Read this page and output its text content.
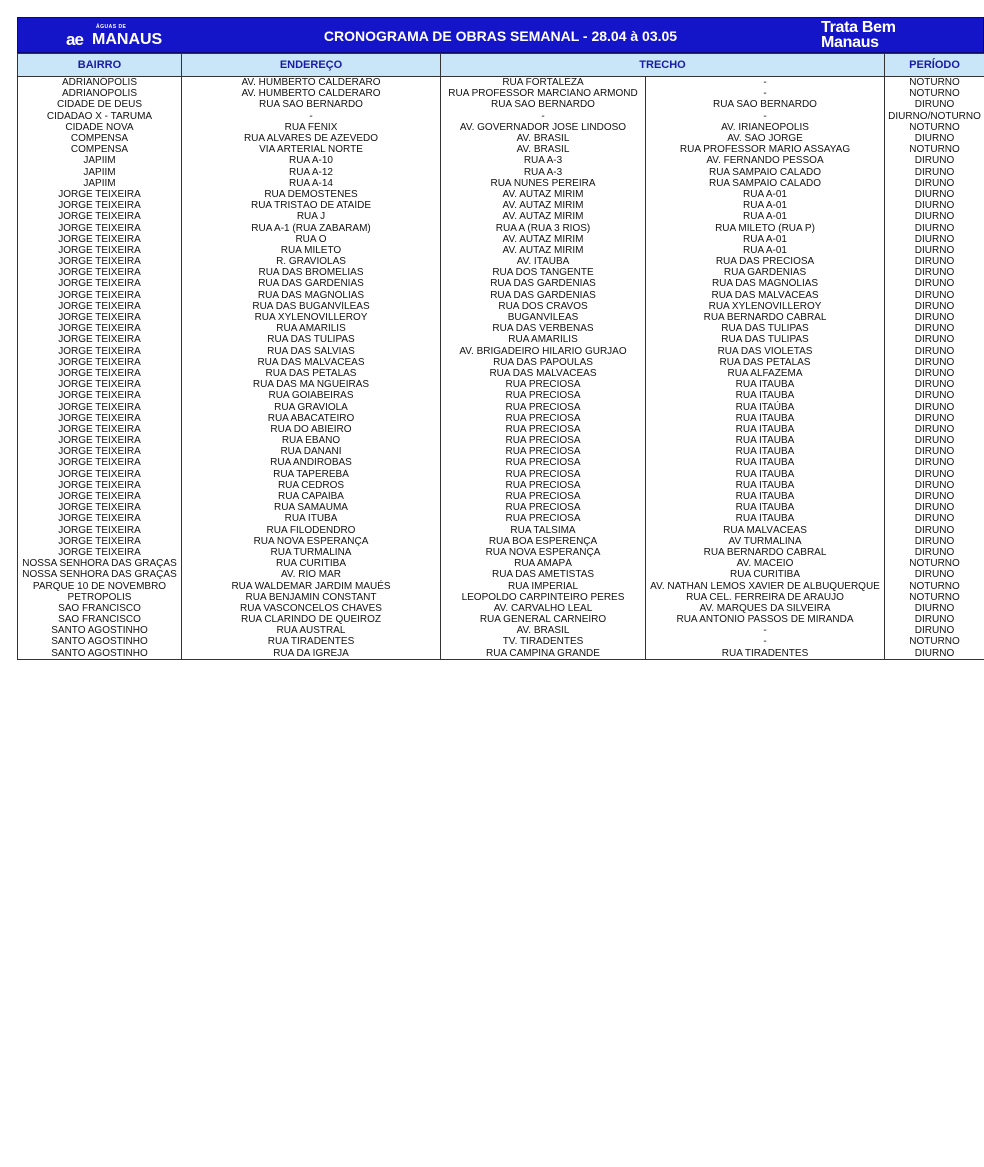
ÁGUAS DE
ae MANAUS	CRONOGRAMA DE OBRAS SEMANAL - 28.04 à 03.05	Trata Bem
Manaus
BAIRRO	ENDEREÇO	TRECHO		PERÍODO
ADRIANÓPOLIS	AV. HUMBERTO CALDERARO	RUA FORTALEZA	-	NOTURNO
ADRIANÓPOLIS	AV. HUMBERTO CALDERARO	RUA PROFESSOR MARCIANO ARMOND	-	NOTURNO
CIDADE DE DEUS	RUA SÃO BERNARDO	RUA SÃO BERNARDO	RUA SÃO BERNARDO	DIRUNO
CIDADÃO X - TARUMÃ	-	-	-	DIURNO/NOTURNO
CIDADE NOVA	RUA FÊNIX	AV. GOVERNADOR JOSÉ LINDOSO	AV. IRIANEÓPOLIS	NOTURNO
COMPENSA	RUA ALVARES DE AZEVEDO	AV. BRASIL	AV. SÃO JORGE	DIURNO
COMPENSA	VIA ARTERIAL NORTE	AV. BRASIL	RUA PROFESSOR MÁRIO ASSAYAG	NOTURNO
JAPIIM	RUA A-10	RUA A-3	AV. FERNANDO PESSOA	DIRUNO
JAPIIM	RUA A-12	RUA A-3	RUA SAMPAIO CALADO	DIRUNO
JAPIIM	RUA A-14	RUA NUNES PEREIRA	RUA SAMPAIO CALADO	DIRUNO
JORGE TEIXEIRA	RUA DEMÓSTENES	AV. AUTAZ MIRIM	RUA A-01	DIURNO
JORGE TEIXEIRA	RUA TRISTÃO DE ATAÍDE	AV. AUTAZ MIRIM	RUA A-01	DIURNO
JORGE TEIXEIRA	RUA J	AV. AUTAZ MIRIM	RUA A-01	DIURNO
JORGE TEIXEIRA	RUA A-1 (RUA ZABARAM)	RUA A (RUA 3 RIOS)	RUA MILETO (RUA P)	DIURNO
JORGE TEIXEIRA	RUA O	AV. AUTAZ MIRIM	RUA A-01	DIURNO
JORGE TEIXEIRA	RUA MILETO	AV. AUTAZ MIRIM	RUA A-01	DIURNO
JORGE TEIXEIRA	R. GRAVIOLAS	AV. ITAÚBA	RUA DAS PRECIOSA	DIRUNO
JORGE TEIXEIRA	RUA DAS BROMÉLIAS	RUA DOS TANGENTE	RUA GARDENIAS	DIRUNO
JORGE TEIXEIRA	RUA DAS GARDÊNIAS	RUA DAS GARDÊNIAS	RUA DAS MAGNÓLIAS	DIRUNO
JORGE TEIXEIRA	RUA DAS MAGNÓLIAS	RUA DAS GARDÊNIAS	RUA DAS MALVÁCEAS	DIRUNO
JORGE TEIXEIRA	RUA DAS BUGANVÍLEAS	RUA DOS CRAVOS	RUA XYLENOVILLEROY	DIRUNO
JORGE TEIXEIRA	RUA XYLENOVILLEROY	BUGANVÍLEAS	RUA BERNARDO CABRAL	DIRUNO
JORGE TEIXEIRA	RUA AMARÍLIS	RUA DAS VERBENAS	RUA DAS TULIPAS	DIRUNO
JORGE TEIXEIRA	RUA DAS TULIPAS	RUA AMARÍLIS	RUA DAS TULIPAS	DIRUNO
JORGE TEIXEIRA	RUA DAS SÁLVIAS	AV. BRIGADEIRO HILÁRIO GURJÃO	RUA DAS VIOLETAS	DIRUNO
JORGE TEIXEIRA	RUA DAS MALVÁCEAS	RUA DAS PAPOULAS	RUA DAS PÉTALAS	DIRUNO
JORGE TEIXEIRA	RUA DAS PÉTALAS	RUA DAS MALVÁCEAS	RUA ALFAZEMA	DIRUNO
JORGE TEIXEIRA	RUA DAS MA NGUEIRAS	RUA PRECIOSA	RUA ITAÚBA	DIRUNO
JORGE TEIXEIRA	RUA GOIABEIRAS	RUA PRECIOSA	RUA ITAÚBA	DIRUNO
JORGE TEIXEIRA	RUA GRAVIOLA	RUA PRECIOSA	RUA ITAÚBA	DIRUNO
JORGE TEIXEIRA	RUA ABACATEIRO	RUA PRECIOSA	RUA ITAÚBA	DIRUNO
JORGE TEIXEIRA	RUA DO ABIEIRO	RUA PRECIOSA	RUA ITAÚBA	DIRUNO
JORGE TEIXEIRA	RUA ÉBANO	RUA PRECIOSA	RUA ITAÚBA	DIRUNO
JORGE TEIXEIRA	RUA DANANI	RUA PRECIOSA	RUA ITAÚBA	DIRUNO
JORGE TEIXEIRA	RUA ANDIROBAS	RUA PRECIOSA	RUA ITAÚBA	DIRUNO
JORGE TEIXEIRA	RUA TAPEREBÁ	RUA PRECIOSA	RUA ITAÚBA	DIRUNO
JORGE TEIXEIRA	RUA CEDROS	RUA PRECIOSA	RUA ITAÚBA	DIRUNO
JORGE TEIXEIRA	RUA CAPAÍBA	RUA PRECIOSA	RUA ITAÚBA	DIRUNO
JORGE TEIXEIRA	RUA SAMAUMA	RUA PRECIOSA	RUA ITAÚBA	DIRUNO
JORGE TEIXEIRA	RUA ITUBA	RUA PRECIOSA	RUA ITAÚBA	DIRUNO
JORGE TEIXEIRA	RUA FILODENDRO	RUA TALSIMA	RUA MALVÁCEAS	DIRUNO
JORGE TEIXEIRA	RUA NOVA ESPERANÇA	RUA BOA ESPERENÇA	AV TURMALINA	DIRUNO
JORGE TEIXEIRA	RUA TURMALINA	RUA NOVA ESPERANÇA	RUA BERNARDO CABRAL	DIRUNO
NOSSA SENHORA DAS GRAÇAS	RUA CURITIBA	RUA AMAPÁ	AV. MACEIÓ	NOTURNO
NOSSA SENHORA DAS GRAÇAS	AV. RIO MAR	RUA DAS AMETISTAS	RUA CURITIBA	DIRUNO
PARQUE 10 DE NOVEMBRO	RUA WALDEMAR JARDIM MAUÉS	RUA IMPERIAL	AV. NATHAN LEMOS XAVIER DE ALBUQUERQUE	NOTURNO
PETRÓPOLIS	RUA BENJAMIN CONSTANT	LEOPOLDO CARPINTEIRO PERES	RUA CEL. FERREIRA DE ARAÚJO	NOTURNO
SÃO FRANCISCO	RUA VASCONCELOS CHAVES	AV. CARVALHO LEAL	AV. MARQUES DA SILVEIRA	DIURNO
SÃO FRANCISCO	RUA CLARINDO DE QUEIROZ	RUA GENERAL CARNEIRO	RUA ANTÔNIO PASSOS DE MIRANDA	DIRUNO
SANTO AGOSTINHO	RUA AUSTRAL	AV. BRASIL	-	DIRUNO
SANTO AGOSTINHO	RUA TIRADENTES	TV. TIRADENTES	-	NOTURNO
SANTO AGOSTINHO	RUA DA IGREJA	RUA CAMPINA GRANDE	RUA TIRADENTES	DIURNO
